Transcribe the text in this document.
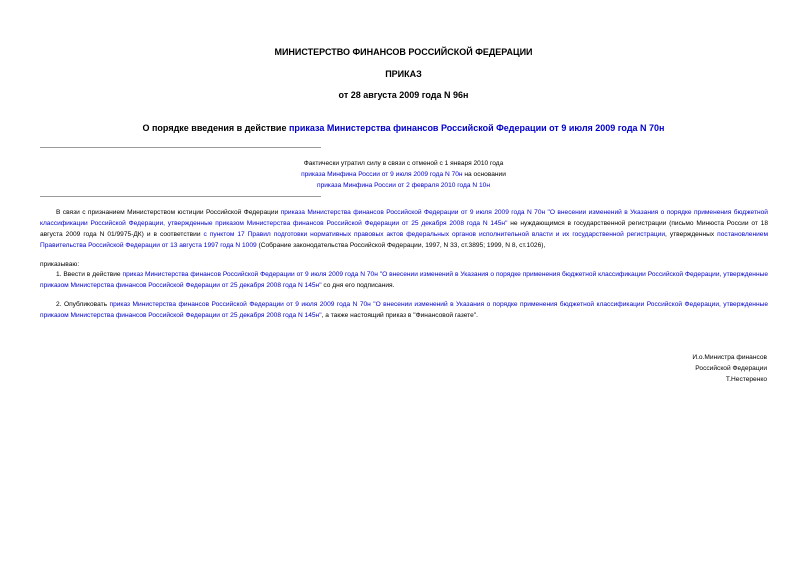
МИНИСТЕРСТВО ФИНАНСОВ РОССИЙСКОЙ ФЕДЕРАЦИИ
ПРИКАЗ
от 28 августа 2009 года N 96н
О порядке введения в действие приказа Министерства финансов Российской Федерации от 9 июля 2009 года N 70н
Фактически утратил силу в связи с отменой с 1 января 2010 года
приказа Минфина России от 9 июля 2009 года N 70н на основании
приказа Минфина России от 2 февраля 2010 года N 10н
В связи с признанием Министерством юстиции Российской Федерации приказа Министерства финансов Российской Федерации от 9 июля 2009 года N 70н "О внесении изменений в Указания о порядке применения бюджетной классификации Российской Федерации, утвержденные приказом Министерства финансов Российской Федерации от 25 декабря 2008 года N 145н" не нуждающимся в государственной регистрации (письмо Минюста России от 18 августа 2009 года N 01/9975-ДК) и в соответствии с пунктом 17 Правил подготовки нормативных правовых актов федеральных органов исполнительной власти и их государственной регистрации, утвержденных постановлением Правительства Российской Федерации от 13 августа 1997 года N 1009 (Собрание законодательства Российской Федерации, 1997, N 33, ст.3895; 1999, N 8, ст.1026),
приказываю:
1. Ввести в действие приказ Министерства финансов Российской Федерации от 9 июля 2009 года N 70н "О внесении изменений в Указания о порядке применения бюджетной классификации Российской Федерации, утвержденные приказом Министерства финансов Российской Федерации от 25 декабря 2008 года N 145н" со дня его подписания.
2. Опубликовать приказ Министерства финансов Российской Федерации от 9 июля 2009 года N 70н "О внесении изменений в Указания о порядке применения бюджетной классификации Российской Федерации, утвержденные приказом Министерства финансов Российской Федерации от 25 декабря 2008 года N 145н", а также настоящий приказ в "Финансовой газете".
И.о.Министра финансов
Российской Федерации
Т.Нестеренко
